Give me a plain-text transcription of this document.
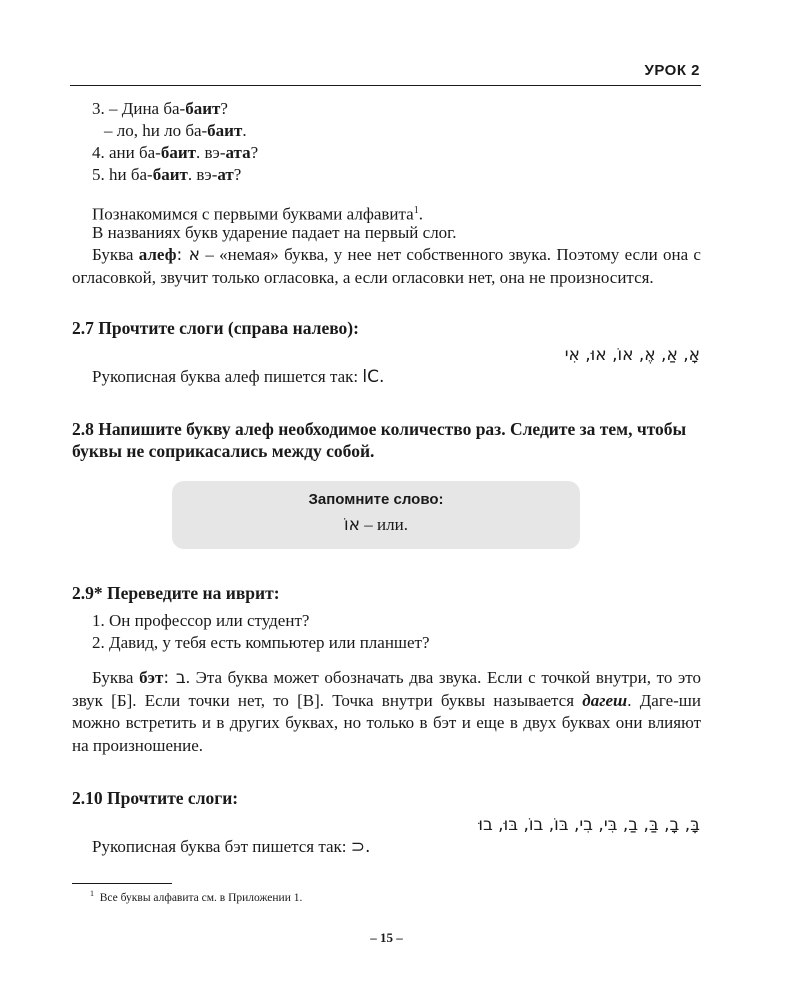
УРОК 2
3. – Дина ба-баит?
– ло, hи ло ба-баит.
4. ани ба-баит. вэ-ата?
5. hи ба-баит. вэ-ат?
Познакомимся с первыми буквами алфавита$^1$.
В названиях букв ударение падает на первый слог.
Буква алеф: א – «немая» буква, у нее нет собственного звука. Поэтому если она с огласовкой, звучит только огласовка, а если огласовки нет, она не произносится.
2.7 Прочтите слоги (справа налево):
אָ, אַ, אֶ, אוֹ, אוּ, אִי
Рукописная буква алеф пишется так: lC.
2.8 Напишите букву алеф необходимое количество раз. Следите за тем, чтобы буквы не соприкасались между собой.
Запомните слово:
אוֹ – или.
2.9* Переведите на иврит:
1. Он профессор или студент?
2. Давид, у тебя есть компьютер или планшет?
Буква бэт: ב. Эта буква может обозначать два звука. Если с точкой внутри, то это звук [Б]. Если точки нет, то [В]. Точка внутри буквы называется дагеш. Даге-ши можно встретить и в других буквах, но только в бэт и еще в двух буквах они влияют на произношение.
2.10 Прочтите слоги:
בָּ, בָ, בַּ, בַ, בִּי, בִי, בּוֹ, בוֹ, בּוּ, בוּ
Рукописная буква бэт пишется так: ⊃.
$^1$ Все буквы алфавита см. в Приложении 1.
– 15 –
